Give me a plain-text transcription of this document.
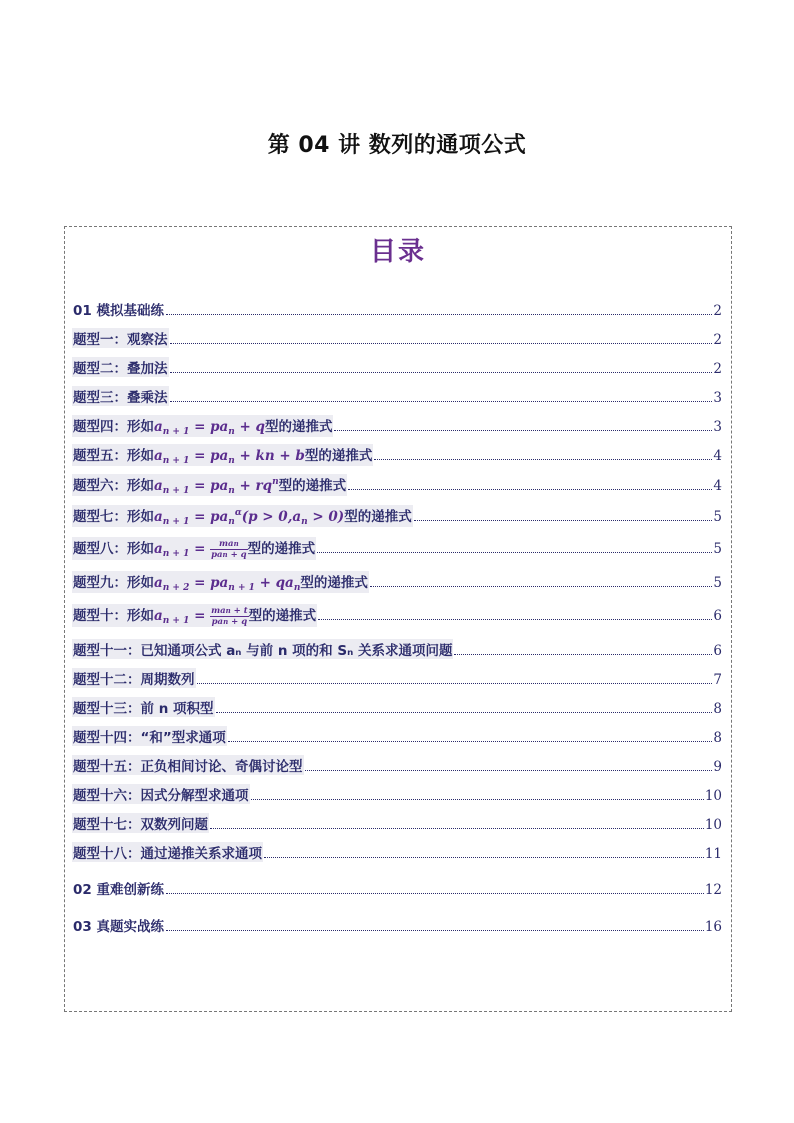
第 04 讲 数列的通项公式
目录
01 模拟基础练	2
题型一：观察法	2
题型二：叠加法	2
题型三：叠乘法	3
题型四：形如$a_{n + 1} = pa_n + q$型的递推式	3
题型五：形如$a_{n + 1} = pa_n$ + kn + b型的递推式	4
题型六：形如$a_{n + 1} = pa_n + rq^n$型的递推式	4
题型七：形如$a_{n + 1} = pa_n^\alpha(p > 0,a_n > 0)$型的递推式	5
题型八：形如$a_{n + 1} = \frac{\text{man}}{\text{pan + q}}$ 型的递推式	5
题型九：形如$a_{n + 2} = pa_{n + 1} + qa_n$型的递推式	5
题型十：形如$a_{n + 1} = \frac{\text{man + t}}{\text{pan + q}}$ 型的递推式	6
题型十一：已知通项公式 aₙ 与前 n 项的和 Sₙ 关系求通项问题	6
题型十二：周期数列	7
题型十三：前 n 项积型	8
题型十四：“和”型求通项	8
题型十五：正负相间讨论、奇偶讨论型	9
题型十六：因式分解型求通项	10
题型十七：双数列问题	10
题型十八：通过递推关系求通项	11
02 重难创新练	12
03 真题实战练	16
